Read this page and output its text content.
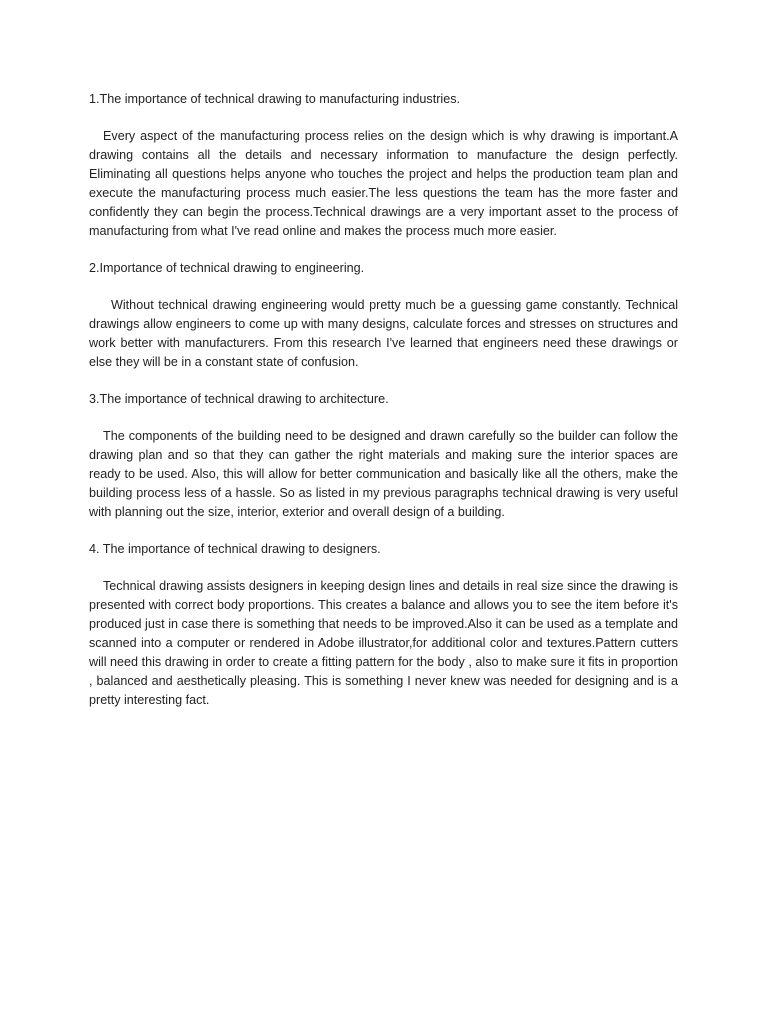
1.The importance of technical drawing to manufacturing industries.

Every aspect of the manufacturing process relies on the design which is why drawing is important.A drawing contains all the details and necessary information to manufacture the design perfectly. Eliminating all questions helps anyone who touches the project and helps the production team plan and execute the manufacturing process much easier.The less questions the team has the more faster and confidently they can begin the process.Technical drawings are a very important asset to the process of manufacturing from what I've read online and makes the process much more easier.

2.Importance of technical drawing to engineering.

Without technical drawing engineering would pretty much be a guessing game constantly. Technical drawings allow engineers to come up with many designs, calculate forces and stresses on structures and work better with manufacturers. From this research I've learned that engineers need these drawings or else they will be in a constant state of confusion.

3.The importance of technical drawing to architecture.

The components of the building need to be designed and drawn carefully so the builder can follow the drawing plan and so that they can gather the right materials and making sure the interior spaces are ready to be used. Also, this will allow for better communication and basically like all the others, make the building process less of a hassle. So as listed in my previous paragraphs technical drawing is very useful with planning out the size, interior, exterior and overall design of a building.

4. The importance of technical drawing to designers.

Technical drawing assists designers in keeping design lines and details in real size since the drawing is presented with correct body proportions. This creates a balance and allows you to see the item before it's produced just in case there is something that needs to be improved.Also it can be used as a template and scanned into a computer or rendered in Adobe illustrator,for additional color and textures.Pattern cutters will need this drawing in order to create a fitting pattern for the body , also to make sure it fits in proportion , balanced and aesthetically pleasing. This is something I never knew was needed for designing and is a pretty interesting fact.
